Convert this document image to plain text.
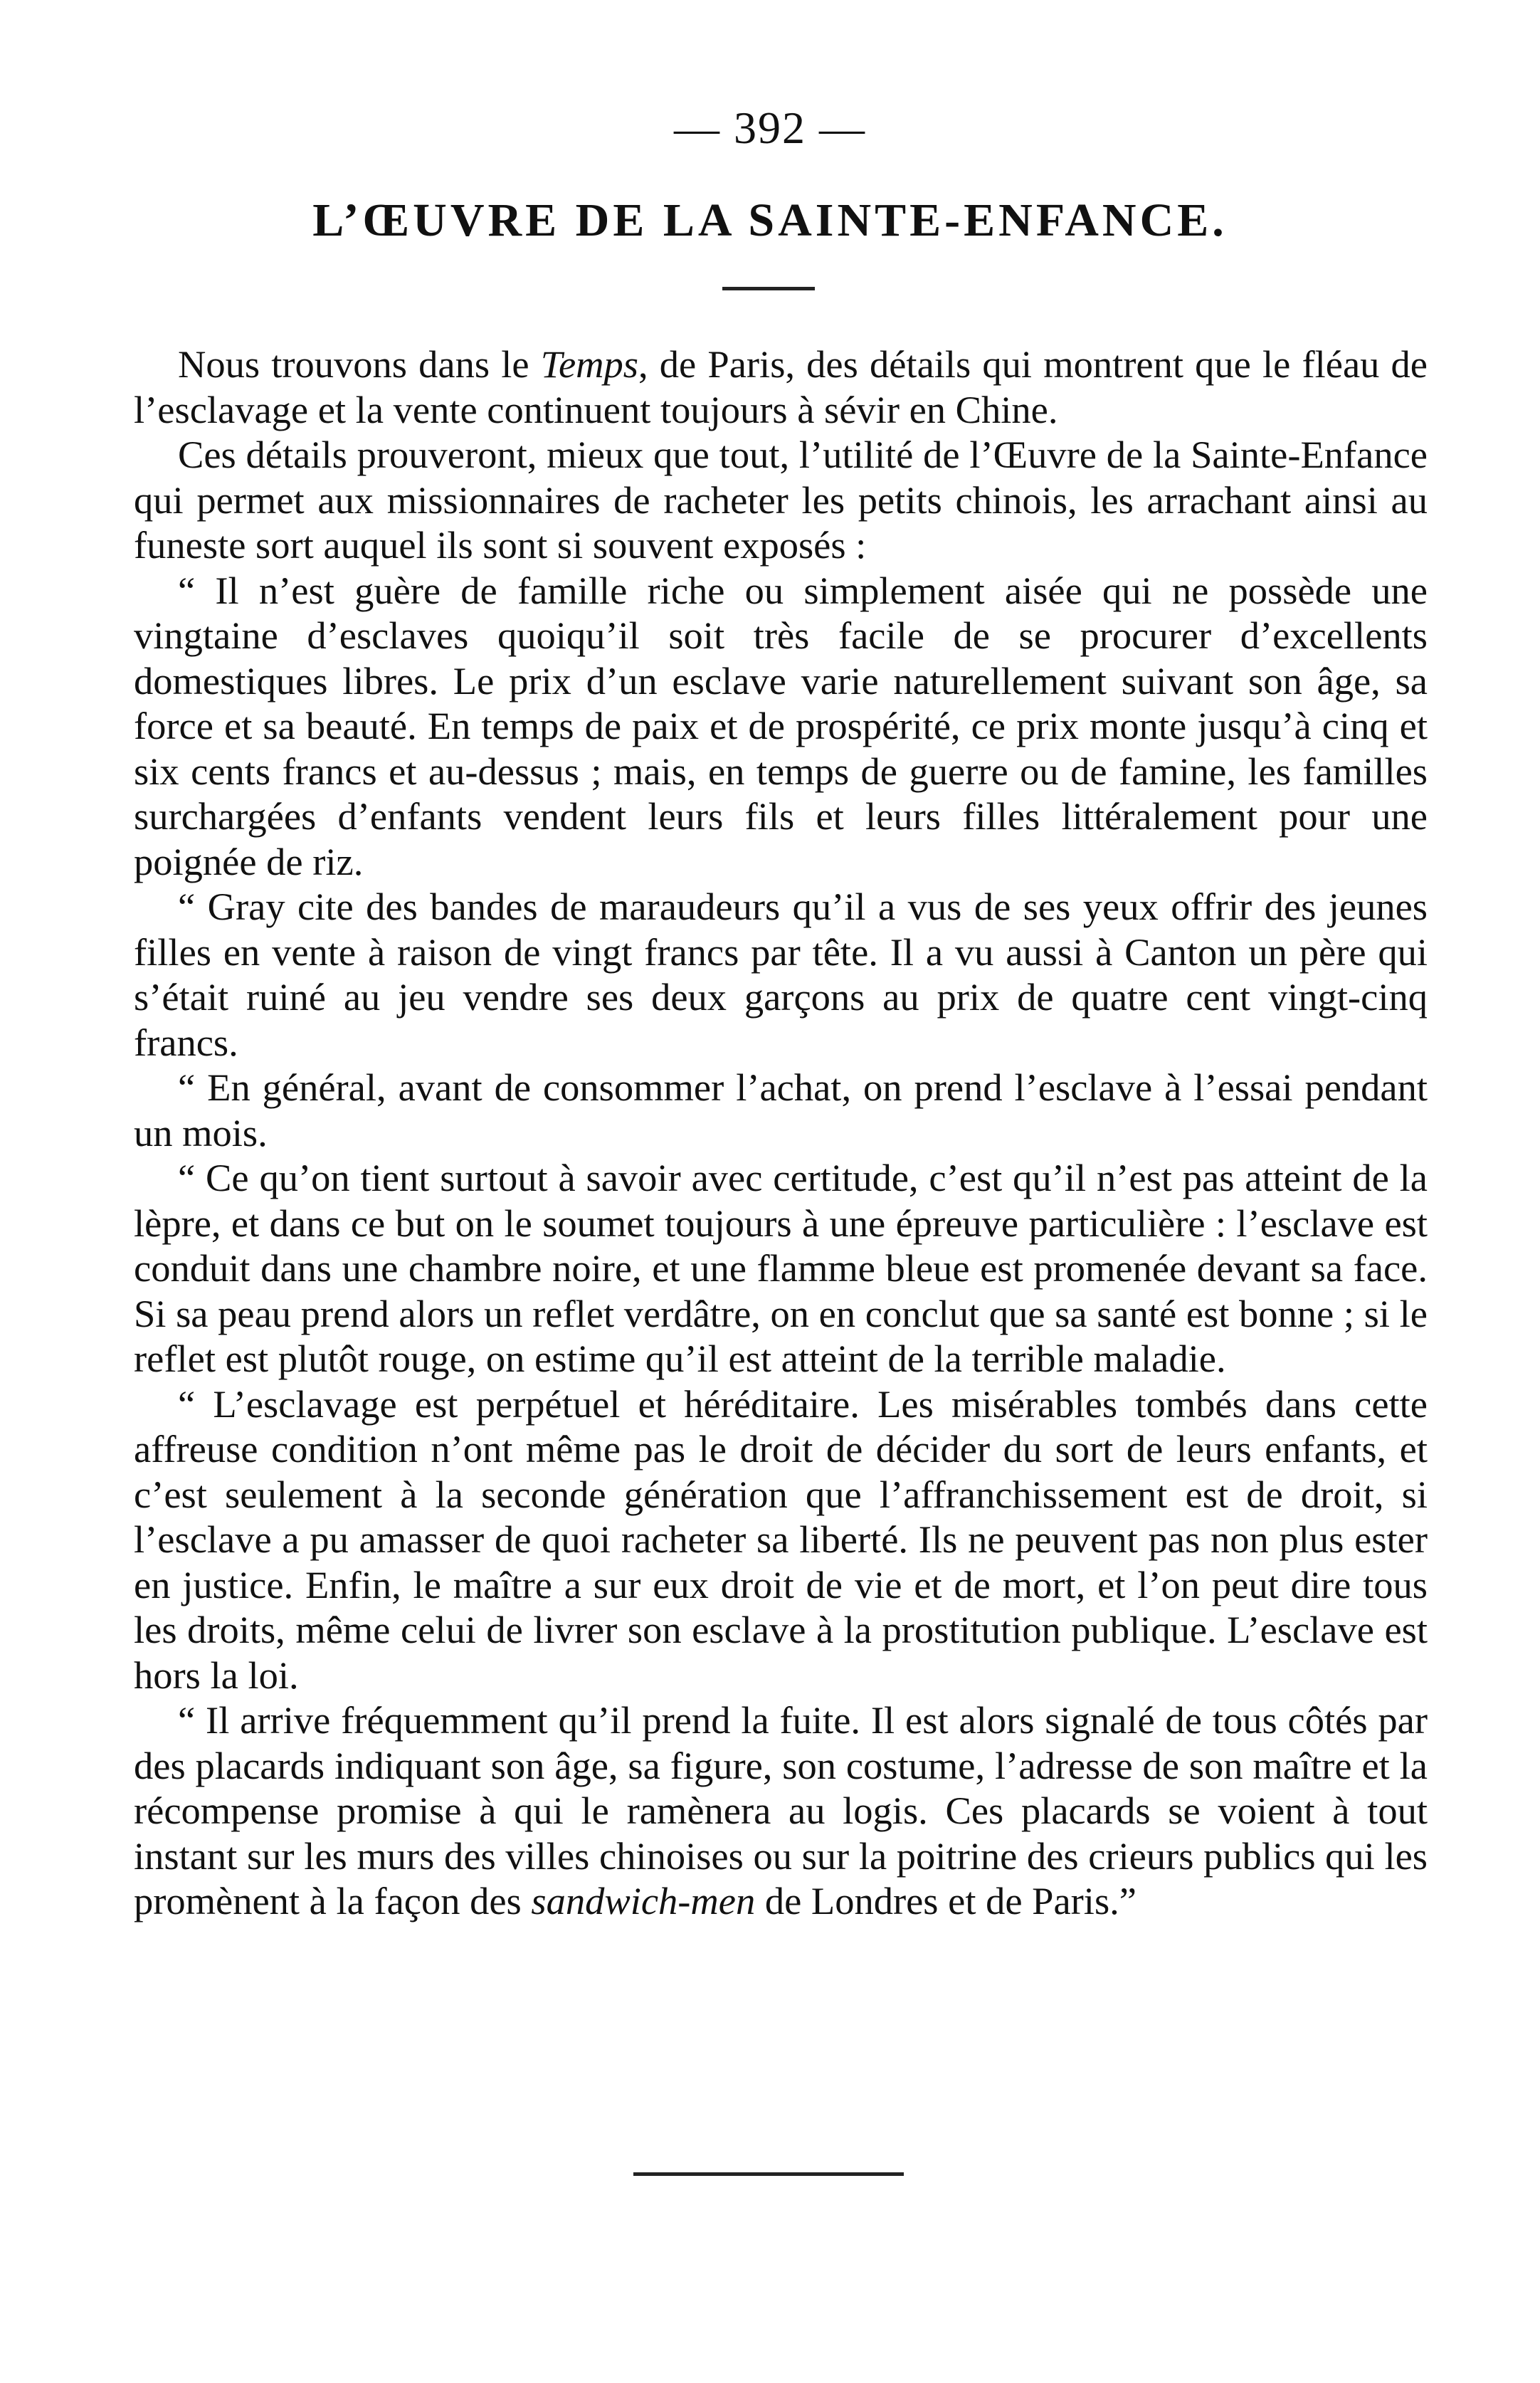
— 392 —
L’ŒUVRE DE LA SAINTE-ENFANCE.

Nous trouvons dans le Temps, de Paris, des détails qui montrent que le fléau de l’esclavage et la vente continuent toujours à sévir en Chine.

Ces détails prouveront, mieux que tout, l’utilité de l’Œuvre de la Sainte-Enfance qui permet aux missionnaires de racheter les petits chinois, les arrachant ainsi au funeste sort auquel ils sont si souvent exposés :

“ Il n’est guère de famille riche ou simplement aisée qui ne possède une vingtaine d’esclaves quoiqu’il soit très facile de se procurer d’excellents domestiques libres. Le prix d’un esclave varie naturellement suivant son âge, sa force et sa beauté. En temps de paix et de prospérité, ce prix monte jusqu’à cinq et six cents francs et au-dessus ; mais, en temps de guerre ou de famine, les familles surchargées d’enfants vendent leurs fils et leurs filles littéralement pour une poignée de riz.

“ Gray cite des bandes de maraudeurs qu’il a vus de ses yeux offrir des jeunes filles en vente à raison de vingt francs par tête. Il a vu aussi à Canton un père qui s’était ruiné au jeu vendre ses deux garçons au prix de quatre cent vingt-cinq francs.

“ En général, avant de consommer l’achat, on prend l’esclave à l’essai pendant un mois.

“ Ce qu’on tient surtout à savoir avec certitude, c’est qu’il n’est pas atteint de la lèpre, et dans ce but on le soumet toujours à une épreuve particulière : l’esclave est conduit dans une chambre noire, et une flamme bleue est promenée devant sa face. Si sa peau prend alors un reflet verdâtre, on en conclut que sa santé est bonne ; si le reflet est plutôt rouge, on estime qu’il est atteint de la terrible maladie.

“ L’esclavage est perpétuel et héréditaire. Les misérables tombés dans cette affreuse condition n’ont même pas le droit de décider du sort de leurs enfants, et c’est seulement à la seconde génération que l’affranchissement est de droit, si l’esclave a pu amasser de quoi racheter sa liberté. Ils ne peuvent pas non plus ester en justice. Enfin, le maître a sur eux droit de vie et de mort, et l’on peut dire tous les droits, même celui de livrer son esclave à la prostitution publique. L’esclave est hors la loi.

“ Il arrive fréquemment qu’il prend la fuite. Il est alors signalé de tous côtés par des placards indiquant son âge, sa figure, son costume, l’adresse de son maître et la récompense promise à qui le ramènera au logis. Ces placards se voient à tout instant sur les murs des villes chinoises ou sur la poitrine des crieurs publics qui les promènent à la façon des sandwich-men de Londres et de Paris.”
